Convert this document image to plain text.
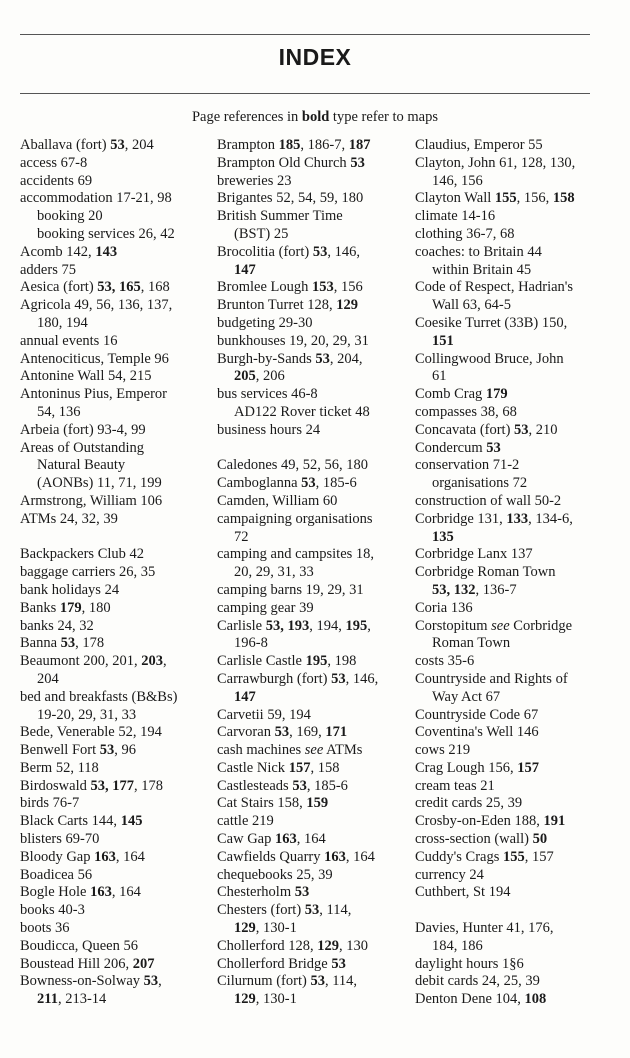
INDEX
Page references in bold type refer to maps
Aballava (fort) 53, 204
access 67-8
accidents 69
accommodation 17-21, 98
booking 20
booking services 26, 42
Acomb 142, 143
adders 75
Aesica (fort) 53, 165, 168
Agricola 49, 56, 136, 137,
180, 194
annual events 16
Antenociticus, Temple 96
Antonine Wall 54, 215
Antoninus Pius, Emperor
54, 136
Arbeia (fort) 93-4, 99
Areas of Outstanding
Natural Beauty
(AONBs) 11, 71, 199
Armstrong, William 106
ATMs 24, 32, 39
Backpackers Club 42
baggage carriers 26, 35
bank holidays 24
Banks 179, 180
banks 24, 32
Banna 53, 178
Beaumont 200, 201, 203,
204
bed and breakfasts (B&Bs)
19-20, 29, 31, 33
Bede, Venerable 52, 194
Benwell Fort 53, 96
Berm 52, 118
Birdoswald 53, 177, 178
birds 76-7
Black Carts 144, 145
blisters 69-70
Bloody Gap 163, 164
Boadicea 56
Bogle Hole 163, 164
books 40-3
boots 36
Boudicca, Queen 56
Boustead Hill 206, 207
Bowness-on-Solway 53,
211, 213-14
Brampton 185, 186-7, 187
Brampton Old Church 53
breweries 23
Brigantes 52, 54, 59, 180
British Summer Time
(BST) 25
Brocolitia (fort) 53, 146,
147
Bromlee Lough 153, 156
Brunton Turret 128, 129
budgeting 29-30
bunkhouses 19, 20, 29, 31
Burgh-by-Sands 53, 204,
205, 206
bus services 46-8
AD122 Rover ticket 48
business hours 24
Caledones 49, 52, 56, 180
Camboglanna 53, 185-6
Camden, William 60
campaigning organisations
72
camping and campsites 18,
20, 29, 31, 33
camping barns 19, 29, 31
camping gear 39
Carlisle 53, 193, 194, 195,
196-8
Carlisle Castle 195, 198
Carrawburgh (fort) 53, 146,
147
Carvetii 59, 194
Carvoran 53, 169, 171
cash machines see ATMs
Castle Nick 157, 158
Castlesteads 53, 185-6
Cat Stairs 158, 159
cattle 219
Caw Gap 163, 164
Cawfields Quarry 163, 164
chequebooks 25, 39
Chesterholm 53
Chesters (fort) 53, 114,
129, 130-1
Chollerford 128, 129, 130
Chollerford Bridge 53
Cilurnum (fort) 53, 114,
129, 130-1
Claudius, Emperor 55
Clayton, John 61, 128, 130,
146, 156
Clayton Wall 155, 156, 158
climate 14-16
clothing 36-7, 68
coaches: to Britain 44
within Britain 45
Code of Respect, Hadrian's
Wall 63, 64-5
Coesike Turret (33B) 150,
151
Collingwood Bruce, John
61
Comb Crag 179
compasses 38, 68
Concavata (fort) 53, 210
Condercum 53
conservation 71-2
organisations 72
construction of wall 50-2
Corbridge 131, 133, 134-6,
135
Corbridge Lanx 137
Corbridge Roman Town
53, 132, 136-7
Coria 136
Corstopitum see Corbridge
Roman Town
costs 35-6
Countryside and Rights of
Way Act 67
Countryside Code 67
Coventina's Well 146
cows 219
Crag Lough 156, 157
cream teas 21
credit cards 25, 39
Crosby-on-Eden 188, 191
cross-section (wall) 50
Cuddy's Crags 155, 157
currency 24
Cuthbert, St 194
Davies, Hunter 41, 176,
184, 186
daylight hours 1§6
debit cards 24, 25, 39
Denton Dene 104, 108
